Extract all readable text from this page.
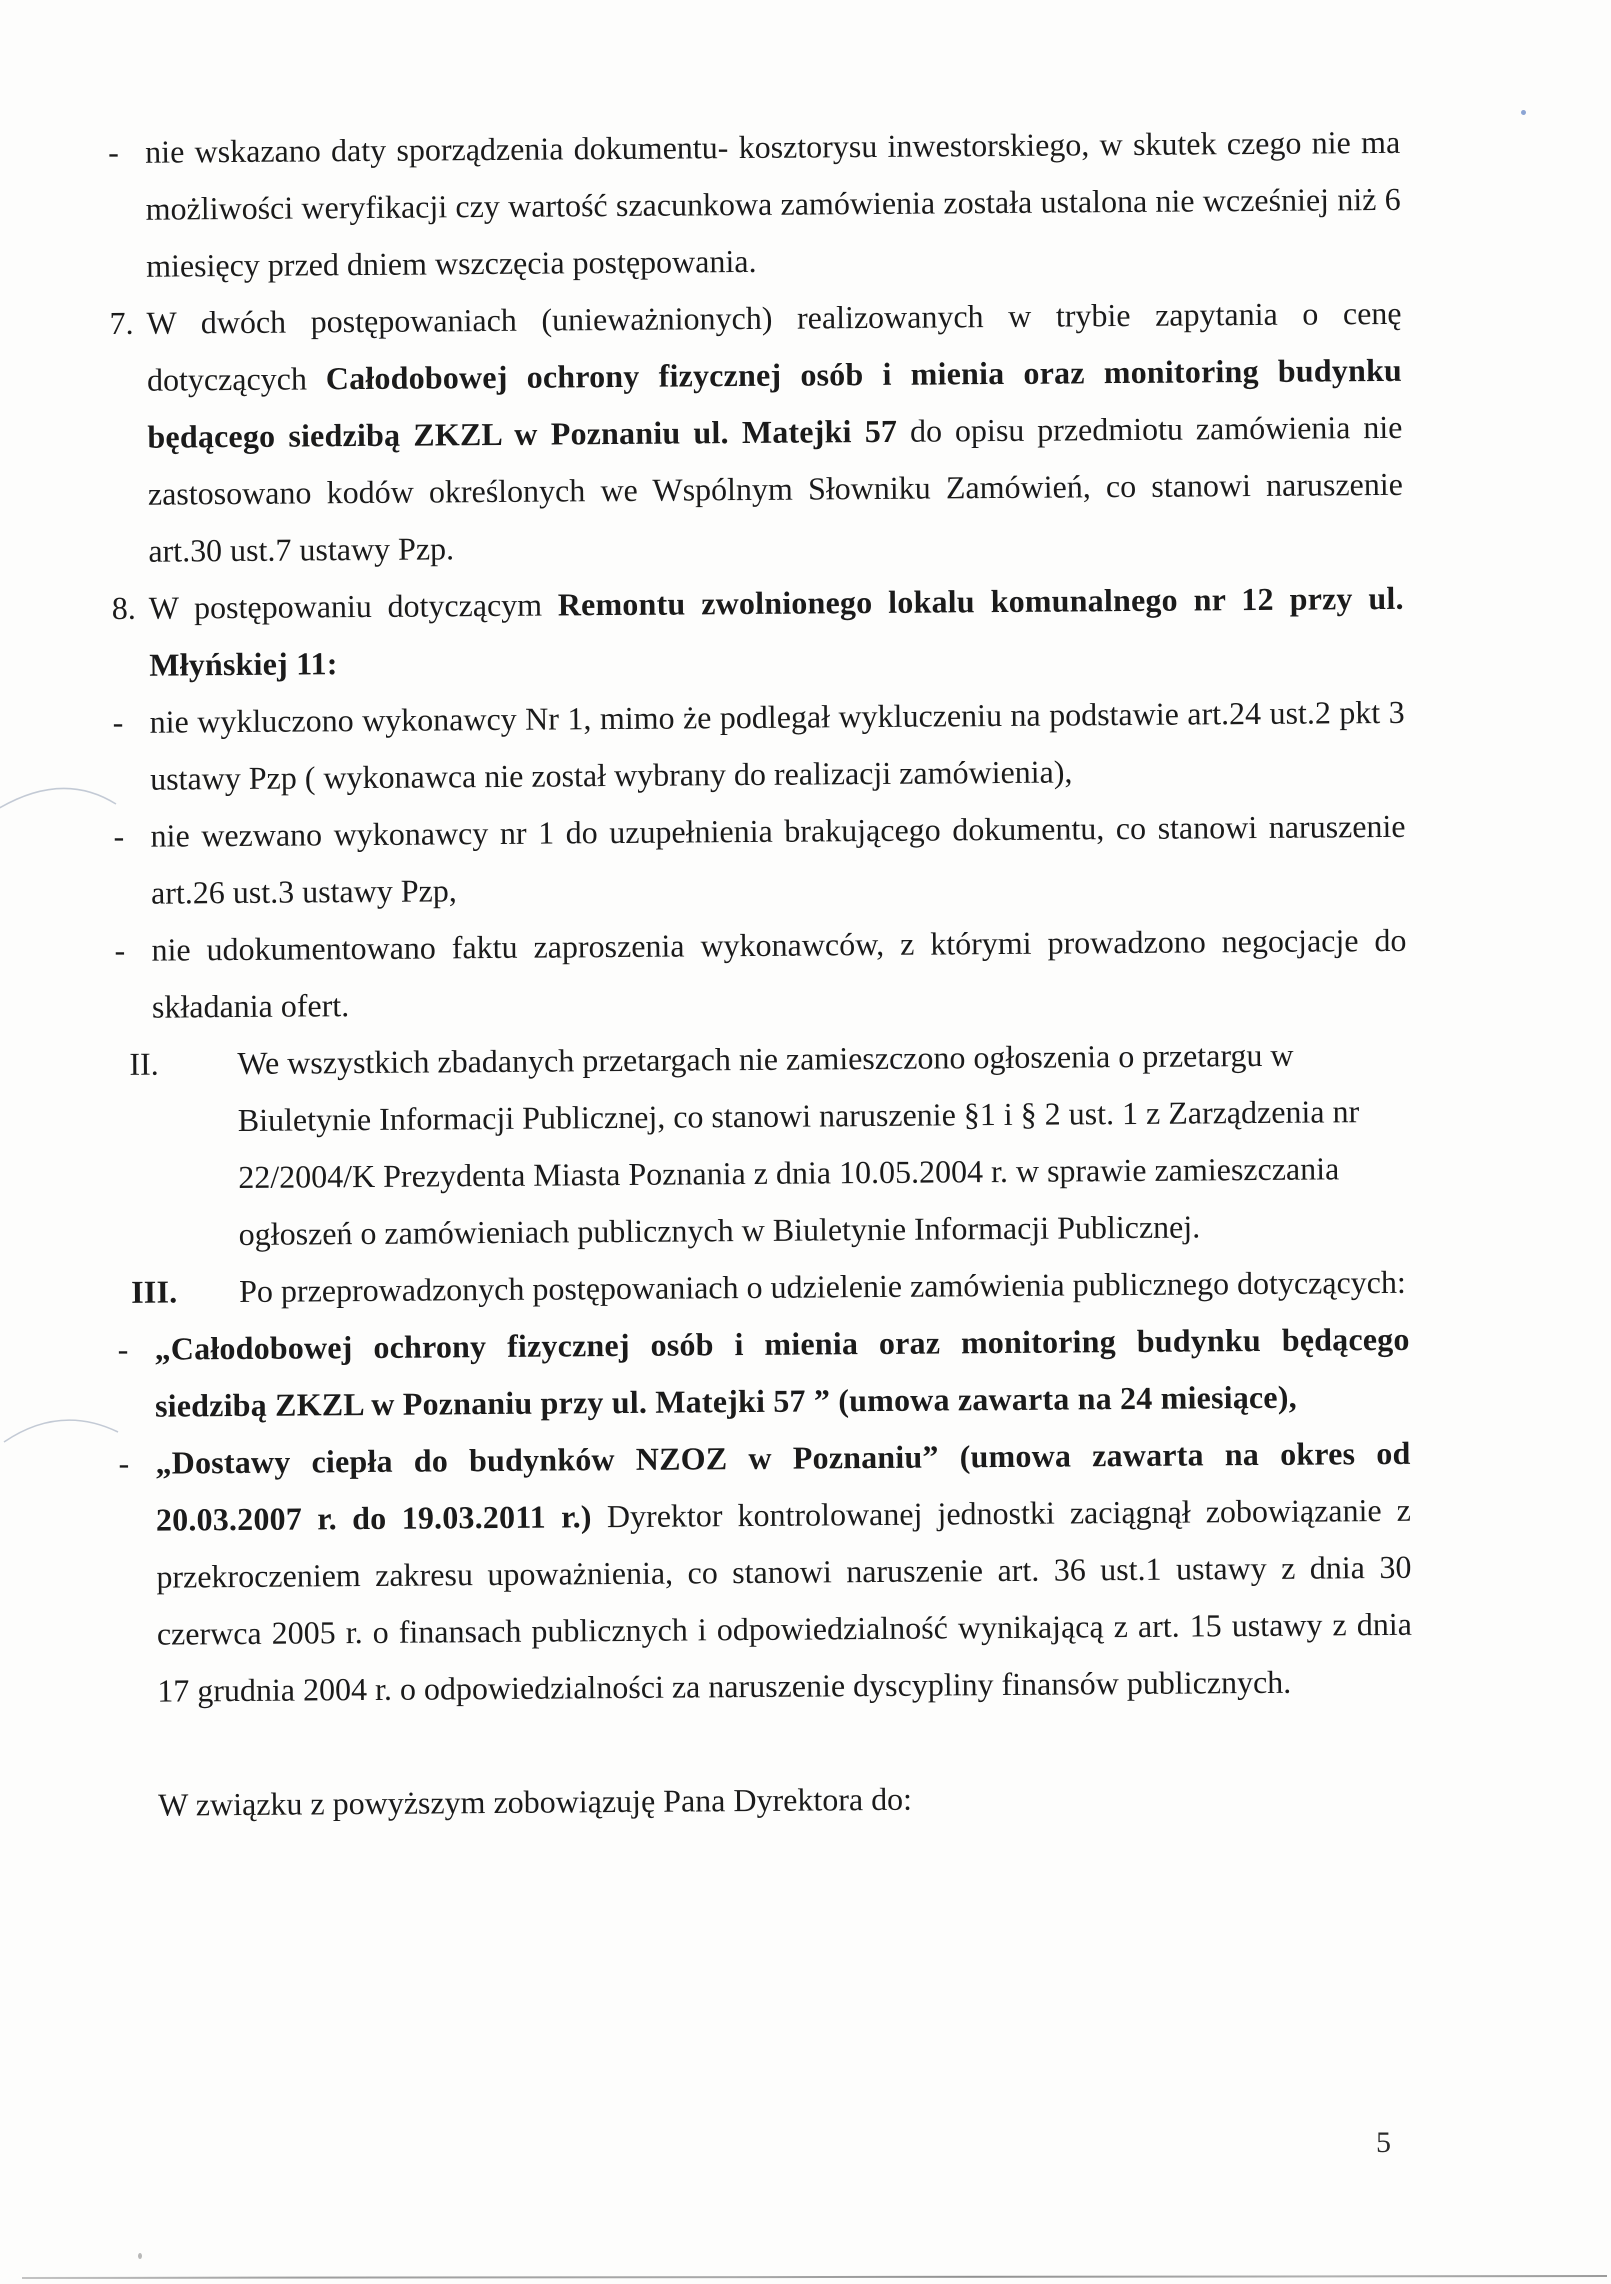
- nie wskazano daty sporządzenia dokumentu- kosztorysu inwestorskiego, w skutek czego nie ma możliwości weryfikacji czy wartość szacunkowa zamówienia została ustalona nie wcześniej niż 6 miesięcy przed dniem wszczęcia postępowania.
7. W dwóch postępowaniach (unieważnionych) realizowanych w trybie zapytania o cenę dotyczących Całodobowej ochrony fizycznej osób i mienia oraz monitoring budynku będącego siedzibą ZKZL w Poznaniu ul. Matejki 57 do opisu przedmiotu zamówienia nie zastosowano kodów określonych we Wspólnym Słowniku Zamówień, co stanowi naruszenie art.30 ust.7 ustawy Pzp.
8. W postępowaniu dotyczącym Remontu zwolnionego lokalu komunalnego nr 12 przy ul. Młyńskiej 11:
- nie wykluczono wykonawcy Nr 1, mimo że podlegał wykluczeniu na podstawie art.24 ust.2 pkt 3 ustawy Pzp ( wykonawca nie został wybrany do realizacji zamówienia),
- nie wezwano wykonawcy nr 1 do uzupełnienia brakującego dokumentu, co stanowi naruszenie art.26 ust.3 ustawy Pzp,
- nie udokumentowano faktu zaproszenia wykonawców, z którymi prowadzono negocjacje do składania ofert.
II.	We wszystkich zbadanych przetargach nie zamieszczono ogłoszenia o przetargu w Biuletynie Informacji Publicznej, co stanowi naruszenie §1 i § 2 ust. 1 z Zarządzenia nr 22/2004/K Prezydenta Miasta Poznania z dnia 10.05.2004 r. w sprawie zamieszczania ogłoszeń o zamówieniach publicznych w Biuletynie Informacji Publicznej.
III.	Po przeprowadzonych postępowaniach o udzielenie zamówienia publicznego dotyczących:
- „Całodobowej ochrony fizycznej osób i mienia oraz monitoring budynku będącego siedzibą ZKZL w Poznaniu przy ul. Matejki 57 ” (umowa zawarta na 24 miesiące),
- „Dostawy ciepła do budynków NZOZ w Poznaniu” (umowa zawarta na okres od 20.03.2007 r. do 19.03.2011 r.) Dyrektor kontrolowanej jednostki zaciągnął zobowiązanie z przekroczeniem zakresu upoważnienia, co stanowi naruszenie art. 36 ust.1 ustawy z dnia 30 czerwca 2005 r. o finansach publicznych i odpowiedzialność wynikającą z art. 15 ustawy z dnia 17 grudnia 2004 r. o odpowiedzialności za naruszenie dyscypliny finansów publicznych.
W związku z powyższym zobowiązuję Pana Dyrektora do:
5
